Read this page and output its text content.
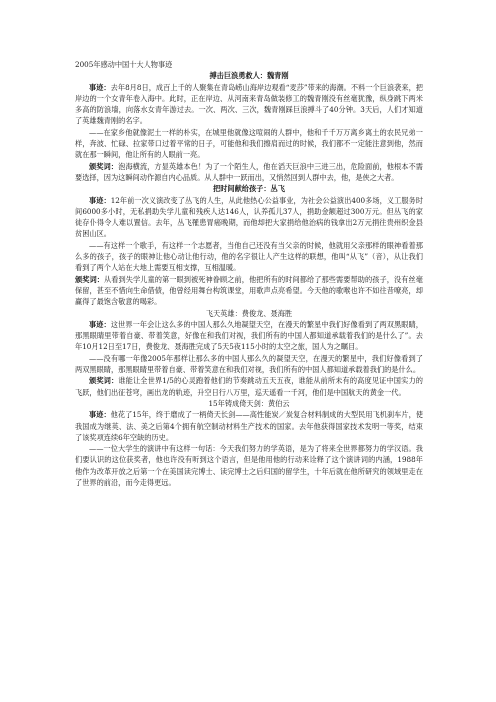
2005年感动中国十大人物事迹
搏击巨浪勇救人：魏青刚

事迹：去年8月8日，成百上千的人聚集在青岛崂山海岸边观看“麦莎”带来的海潮。不料一个巨浪袭来，把岸边的一个女青年卷入海中。此时，正在岸边、从河南来青岛做装修工的魏青刚没有丝毫犹豫，纵身跳下两米多高的防浪墙，向落水女青年游过去。一次、两次、三次，魏青刚踩巨浪搏斗了40分钟。3天后，人们才知道了英雄魏青刚的名字。

——在家乡他就像泥土一样的朴实，在城里他就像这喧闹的人群中，他和千千万万离乡离土的农民兄弟一样，奔波、忙碌、拉家带口过着平常的日子，可能他和我们擦肩而过的时候，我们都不一定能注意到他，然而就在那一瞬间，他让所有的人眼前一亮。

颁奖词：泡海横流，方显英雄本色！为了一个陌生人，他在滔天巨浪中三进三出，危险面前，他根本不需要选择，因为这瞬间动作源自内心品质。从人群中一跃而出，又悄然回到人群中去，他，是侠之大者。

把时间献给孩子：丛飞

事迹：12年前一次义演改变了丛飞的人生，从此他热心公益事业，为社会公益演出400多场，义工服务时间6000多小时，无私捐助失学儿童和残疾人达146人，认养孤儿37人，捐助金额超过300万元。但丛飞的家徒存仆得令人难以置信。去年，丛飞罹患胃癌晚期，而他却把大家捐给他治病的钱拿出2万元捐往贵州织金县贫困山区。

——有这样一个歌手，有这样一个志愿者，当他自己还没有当父亲的时候，他就用父亲那样的眼神看着那么多的孩子，孩子的眼神让他心动让他行动，他的名字很让人产生这样的联想，他叫“从飞”（音），从让我们看到了两个人站在大地上需要互相支撑，互相温暖。

颁奖词：从看到失学儿童的第一眼到被死神眷顾之前，他把所有的时间都给了那些需要帮助的孩子，没有丝毫保留，甚至不惜向生命借债，他曾经用舞台构筑课堂，用歌声点亮希望。今天他的歌喉也许不如往昔嘹亮，却赢得了最饱含敬意的喝彩。

飞天英雄：费俊龙、聂海胜

事迹：这世界一年会让这么多的中国人那么久地凝望天空，在漫天的繁星中我们好像看到了两双黑眼睛，那黑眼睛里带着自豪、带着笑意，好像在和我们对视，我们所有的中国人都知道承载着我们的是什么了”。去年10月12日至17日，费俊龙、聂海胜完成了5天5夜115小时的太空之旅，国人为之瞩目。

——没有哪一年像2005年那样让那么多的中国人那么久的凝望天空，在漫天的繁星中，我们好像看到了两双黑眼睛，那黑眼睛里带着自豪、带着笑意在和我们对视，我们所有的中国人都知道承载着我们的是什么。

颁奖词：谁能让全世界1/5的心灵跑着他们的节奏跳动五天五夜，谁能从前所未有的高度见证中国实力的飞跃，他们出征苍穹，画出龙的轨迹，升空日行八万里，巡天遥看一千河，他们是中国航天的黄金一代。

15年铸成倚天剑：黄伯云

事迹：他花了15年，终于磨成了一柄倚天长剑——高性能炭／炭复合材料制成的大型民用飞机刹车片，使我国成为继英、法、美之后第4个拥有航空制动材料生产技术的国家。去年他获得国家技术发明一等奖，结束了该奖项连续6年空缺的历史。

——一位大学生的演讲中有这样一句话：今天我们努力的学英语，是为了将来全世界都努力的学汉语。我们要认识的这位获奖者，他也许没有听到这个语言，但是他用他的行动来诠释了这个演讲词的内涵，1988年他作为改革开放之后第一个在美国读完博士、读完博士之后归国的留学生，十年后就在他所研究的领域里走在了世界的前沿，而今走得更远。
